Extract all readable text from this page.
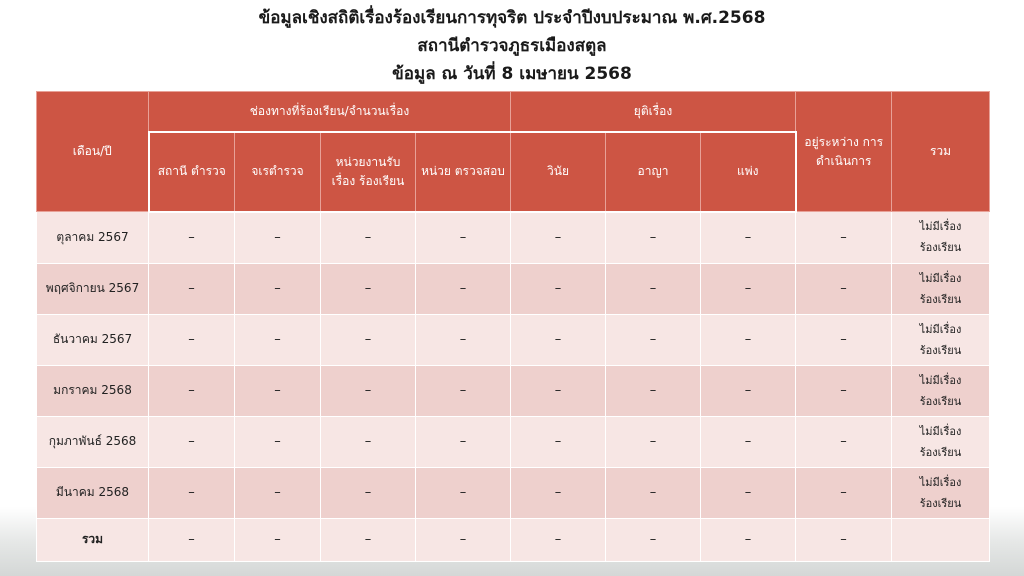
ข้อมูลเชิงสถิติเรื่องร้องเรียนการทุจริต ประจำปีงบประมาณ พ.ศ.2568
สถานีตำรวจภูธรเมืองสตูล
ข้อมูล ณ วันที่ 8 เมษายน 2568
เดือน/ปี	ช่องทางที่ร้องเรียน/จำนวนเรื่อง				ยุติเรื่อง			อยู่ระหว่าง การ ดำเนินการ	รวม
	สถานี ตำรวจ	จเรตำรวจ	หน่วยงานรับ เรื่อง ร้องเรียน	หน่วย ตรวจสอบ	วินัย	อาญา	แพ่ง		
ตุลาคม 2567	–	–	–	–	–	–	–	–	ไม่มีเรื่อง
ร้องเรียน
พฤศจิกายน 2567	–	–	–	–	–	–	–	–	ไม่มีเรื่อง
ร้องเรียน
ธันวาคม 2567	–	–	–	–	–	–	–	–	ไม่มีเรื่อง
ร้องเรียน
มกราคม 2568	–	–	–	–	–	–	–	–	ไม่มีเรื่อง
ร้องเรียน
กุมภาพันธ์ 2568	–	–	–	–	–	–	–	–	ไม่มีเรื่อง
ร้องเรียน
มีนาคม 2568	–	–	–	–	–	–	–	–	ไม่มีเรื่อง
ร้องเรียน
รวม	–	–	–	–	–	–	–	–	
